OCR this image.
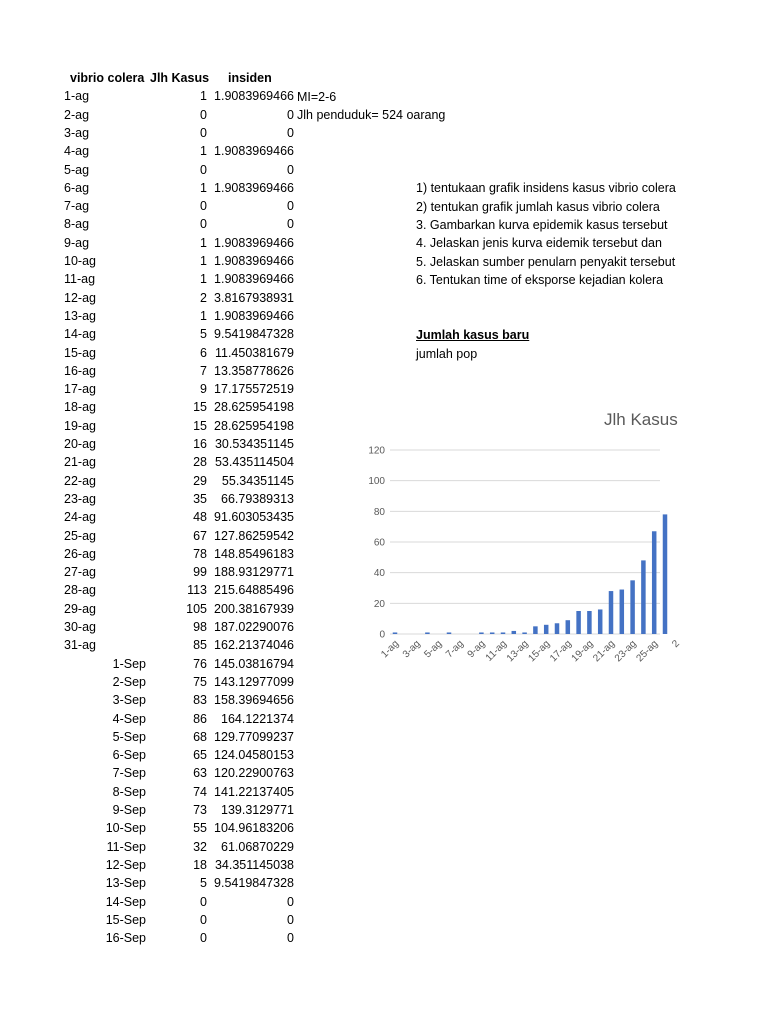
vibrio colera Jlh Kasus insiden
1-ag	1 1.9083969466
2-ag	0	0
3-ag	0	0
4-ag	1 1.9083969466
5-ag	0	0
6-ag	1 1.9083969466
7-ag	0	0
8-ag	0	0
9-ag	1 1.9083969466
10-ag	1 1.9083969466
11-ag	1 1.9083969466
12-ag	2 3.8167938931
13-ag	1 1.9083969466
14-ag	5 9.5419847328
15-ag	6 11.450381679
16-ag	7 13.358778626
17-ag	9 17.175572519
18-ag	15 28.625954198
19-ag	15 28.625954198
20-ag	16 30.534351145
21-ag	28 53.435114504
22-ag	29	55.34351145
23-ag	35	66.79389313
24-ag	48 91.603053435
25-ag	67 127.86259542
26-ag	78 148.85496183
27-ag	99 188.93129771
28-ag	113 215.64885496
29-ag	105 200.38167939
30-ag	98 187.02290076
31-ag	85 162.21374046
1-Sep	76 145.03816794
2-Sep	75 143.12977099
3-Sep	83 158.39694656
4-Sep	86	164.1221374
5-Sep	68 129.77099237
6-Sep	65 124.04580153
7-Sep	63 120.22900763
8-Sep	74 141.22137405
9-Sep	73	139.3129771
10-Sep	55 104.96183206
11-Sep	32	61.06870229
12-Sep	18 34.351145038
13-Sep	5 9.5419847328
14-Sep	0	0
15-Sep	0	0
16-Sep	0	0
MI=2-6
Jlh penduduk= 524 oarang
1) tentukaan grafik insidens kasus vibrio colera
2) tentukan grafik jumlah kasus vibrio colera
3. Gambarkan kurva epidemik kasus tersebut
4. Jelaskan jenis kurva eidemik tersebut dan
5. Jelaskan sumber penularn penyakit tersebut
6. Tentukan time of eksporse kejadian kolera
Jumlah kasus baru
jumlah pop
Jlh Kasus
0
20
40
60
80
100
120
1-ag 3-ag 5-ag 7-ag 9-ag
11-ag
13-ag
15-ag
17-ag
19-ag
21-ag
23-ag
25-ag 2
